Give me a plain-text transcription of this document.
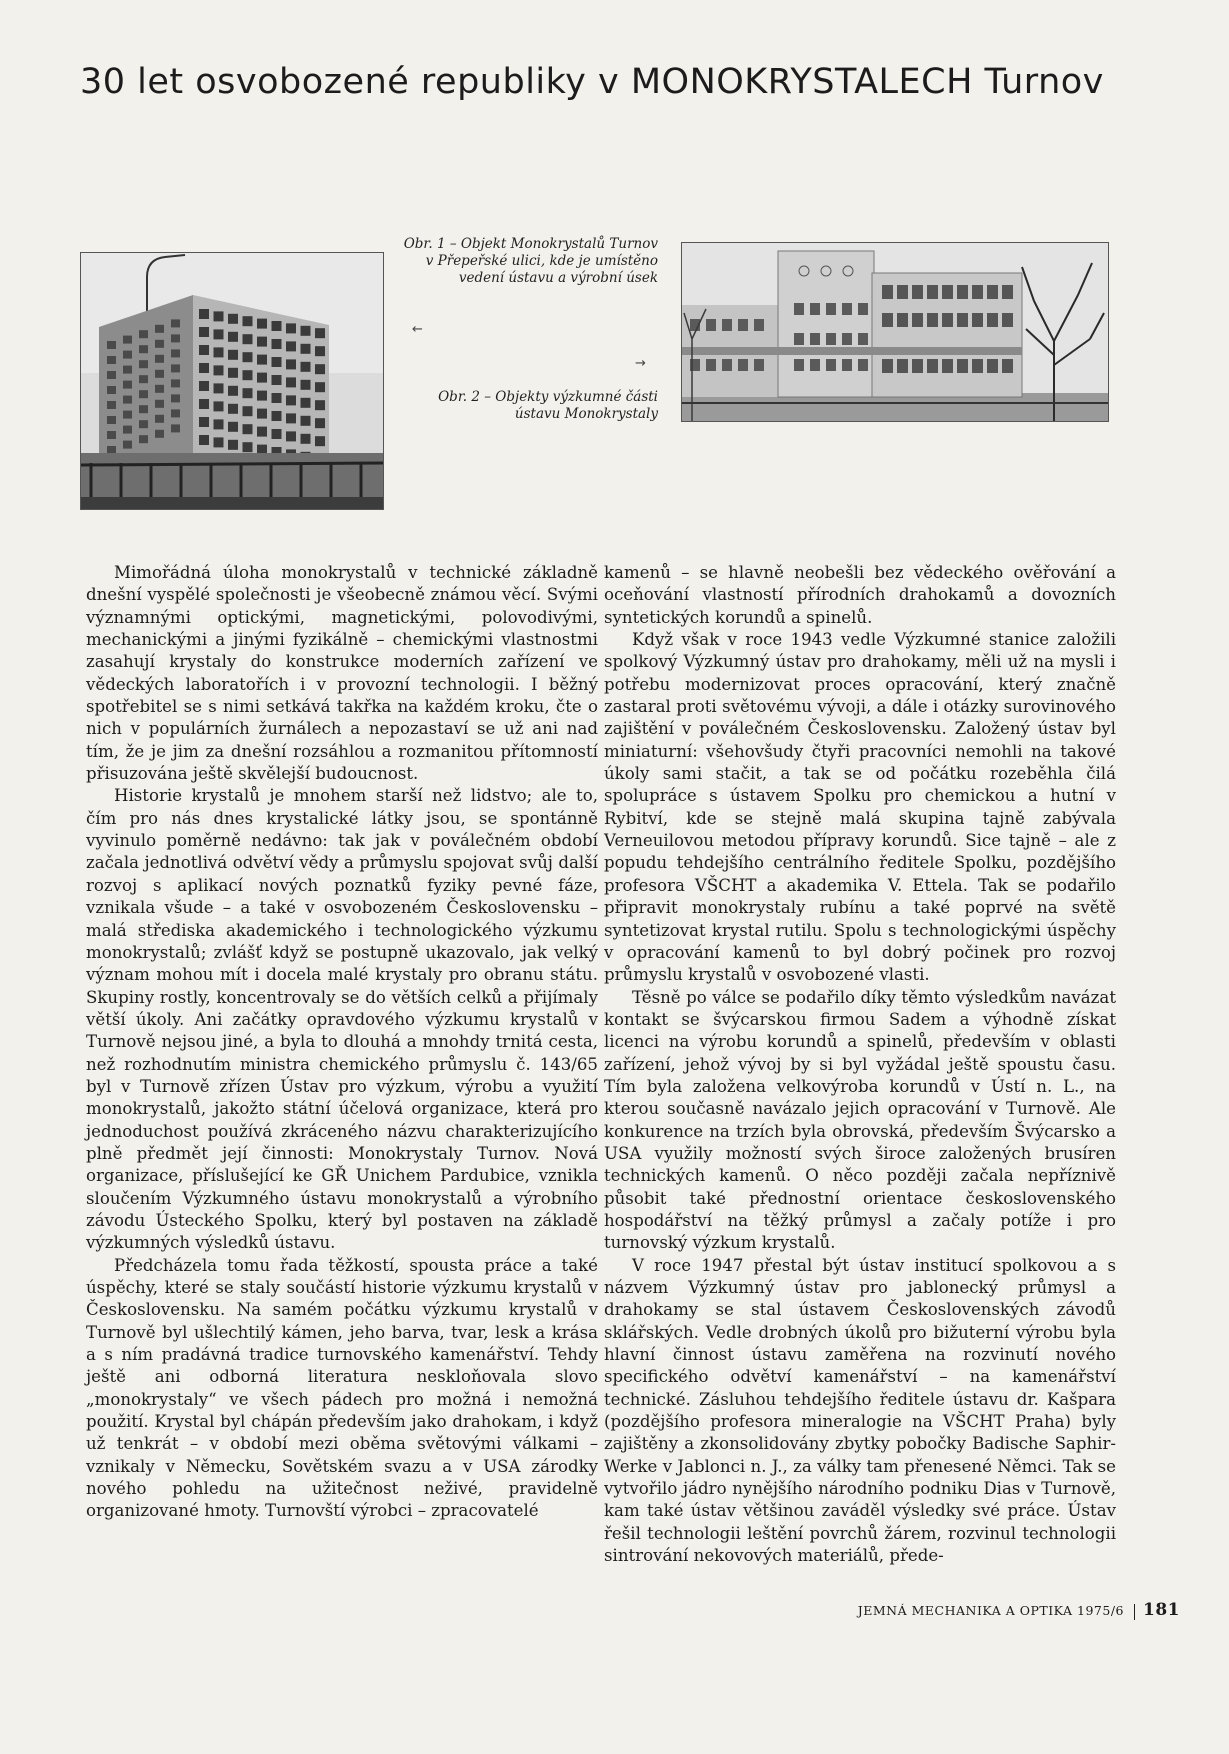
30 let osvobozené republiky v MONOKRYSTALECH Turnov
Obr. 1 – Objekt Monokrystalů Turnov v Přepeřské ulici, kde je umístěno vedení ústavu a výrobní úsek
←
→
Obr. 2 – Objekty výzkumné části ústavu Monokrystaly

Mimořádná úloha monokrystalů v technické základně dnešní vyspělé společnosti je všeobecně známou věcí. Svými významnými optickými, magnetickými, polovodivými, mechanickými a jinými fyzikálně – chemickými vlastnostmi zasahují krystaly do konstrukce moderních zařízení ve vědeckých laboratořích i v provozní technologii. I běžný spotřebitel se s nimi setkává takřka na každém kroku, čte o nich v populárních žurnálech a nepozastaví se už ani nad tím, že je jim za dnešní rozsáhlou a rozmanitou přítomností přisuzována ještě skvělejší budoucnost.

Historie krystalů je mnohem starší než lidstvo; ale to, čím pro nás dnes krystalické látky jsou, se spontánně vyvinulo poměrně nedávno: tak jak v poválečném období začala jednotlivá odvětví vědy a průmyslu spojovat svůj další rozvoj s aplikací nových poznatků fyziky pevné fáze, vznikala všude – a také v osvobozeném Československu – malá střediska akademického i technologického výzkumu monokrystalů; zvlášť když se postupně ukazovalo, jak velký význam mohou mít i docela malé krystaly pro obranu státu. Skupiny rostly, koncentrovaly se do větších celků a přijímaly větší úkoly. Ani začátky opravdového výzkumu krystalů v Turnově nejsou jiné, a byla to dlouhá a mnohdy trnitá cesta, než rozhodnutím ministra chemického průmyslu č. 143/65 byl v Turnově zřízen Ústav pro výzkum, výrobu a využití monokrystalů, jakožto státní účelová organizace, která pro jednoduchost používá zkráceného názvu charakterizujícího plně předmět její činnosti: Monokrystaly Turnov. Nová organizace, příslušející ke GŘ Unichem Pardubice, vznikla sloučením Výzkumného ústavu monokrystalů a výrobního závodu Ústeckého Spolku, který byl postaven na základě výzkumných výsledků ústavu.

Předcházela tomu řada těžkostí, spousta práce a také úspěchy, které se staly součástí historie výzkumu krystalů v Československu. Na samém počátku výzkumu krystalů v Turnově byl ušlechtilý kámen, jeho barva, tvar, lesk a krása a s ním pradávná tradice turnovského kamenářství. Tehdy ještě ani odborná literatura neskloňovala slovo „monokrystaly“ ve všech pádech pro možná i nemožná použití. Krystal byl chápán především jako drahokam, i když už tenkrát – v období mezi oběma světovými válkami – vznikaly v Německu, Sovětském svazu a v USA zárodky nového pohledu na užitečnost neživé, pravidelně organizované hmoty. Turnovští výrobci – zpracovatelé

kamenů – se hlavně neobešli bez vědeckého ověřování a oceňování vlastností přírodních drahokamů a dovozních syntetických korundů a spinelů.

Když však v roce 1943 vedle Výzkumné stanice založili spolkový Výzkumný ústav pro drahokamy, měli už na mysli i potřebu modernizovat proces opracování, který značně zastaral proti světovému vývoji, a dále i otázky surovinového zajištění v poválečném Československu. Založený ústav byl miniaturní: všehovšudy čtyři pracovníci nemohli na takové úkoly sami stačit, a tak se od počátku rozeběhla čilá spolupráce s ústavem Spolku pro chemickou a hutní v Rybitví, kde se stejně malá skupina tajně zabývala Verneuilovou metodou přípravy korundů. Sice tajně – ale z popudu tehdejšího centrálního ředitele Spolku, pozdějšího profesora VŠCHT a akademika V. Ettela. Tak se podařilo připravit monokrystaly rubínu a také poprvé na světě syntetizovat krystal rutilu. Spolu s technologickými úspěchy v opracování kamenů to byl dobrý počinek pro rozvoj průmyslu krystalů v osvobozené vlasti.

Těsně po válce se podařilo díky těmto výsledkům navázat kontakt se švýcarskou firmou Sadem a výhodně získat licenci na výrobu korundů a spinelů, především v oblasti zařízení, jehož vývoj by si byl vyžádal ještě spoustu času. Tím byla založena velkovýroba korundů v Ústí n. L., na kterou současně navázalo jejich opracování v Turnově. Ale konkurence na trzích byla obrovská, především Švýcarsko a USA využily možností svých široce založených brusíren technických kamenů. O něco později začala nepříznivě působit také přednostní orientace československého hospodářství na těžký průmysl a začaly potíže i pro turnovský výzkum krystalů.

V roce 1947 přestal být ústav institucí spolkovou a s názvem Výzkumný ústav pro jablonecký průmysl a drahokamy se stal ústavem Československých závodů sklářských. Vedle drobných úkolů pro bižuterní výrobu byla hlavní činnost ústavu zaměřena na rozvinutí nového specifického odvětví kamenářství – na kamenářství technické. Zásluhou tehdejšího ředitele ústavu dr. Kašpara (pozdějšího profesora mineralogie na VŠCHT Praha) byly zajištěny a zkonsolidovány zbytky pobočky Badische Saphir-Werke v Jablonci n. J., za války tam přenesené Němci. Tak se vytvořilo jádro nynějšího národního podniku Dias v Turnově, kam také ústav většinou zaváděl výsledky své práce. Ústav řešil technologii leštění povrchů žárem, rozvinul technologii sintrování nekovových materiálů, přede-

JEMNÁ MECHANIKA A OPTIKA 1975/6 181
